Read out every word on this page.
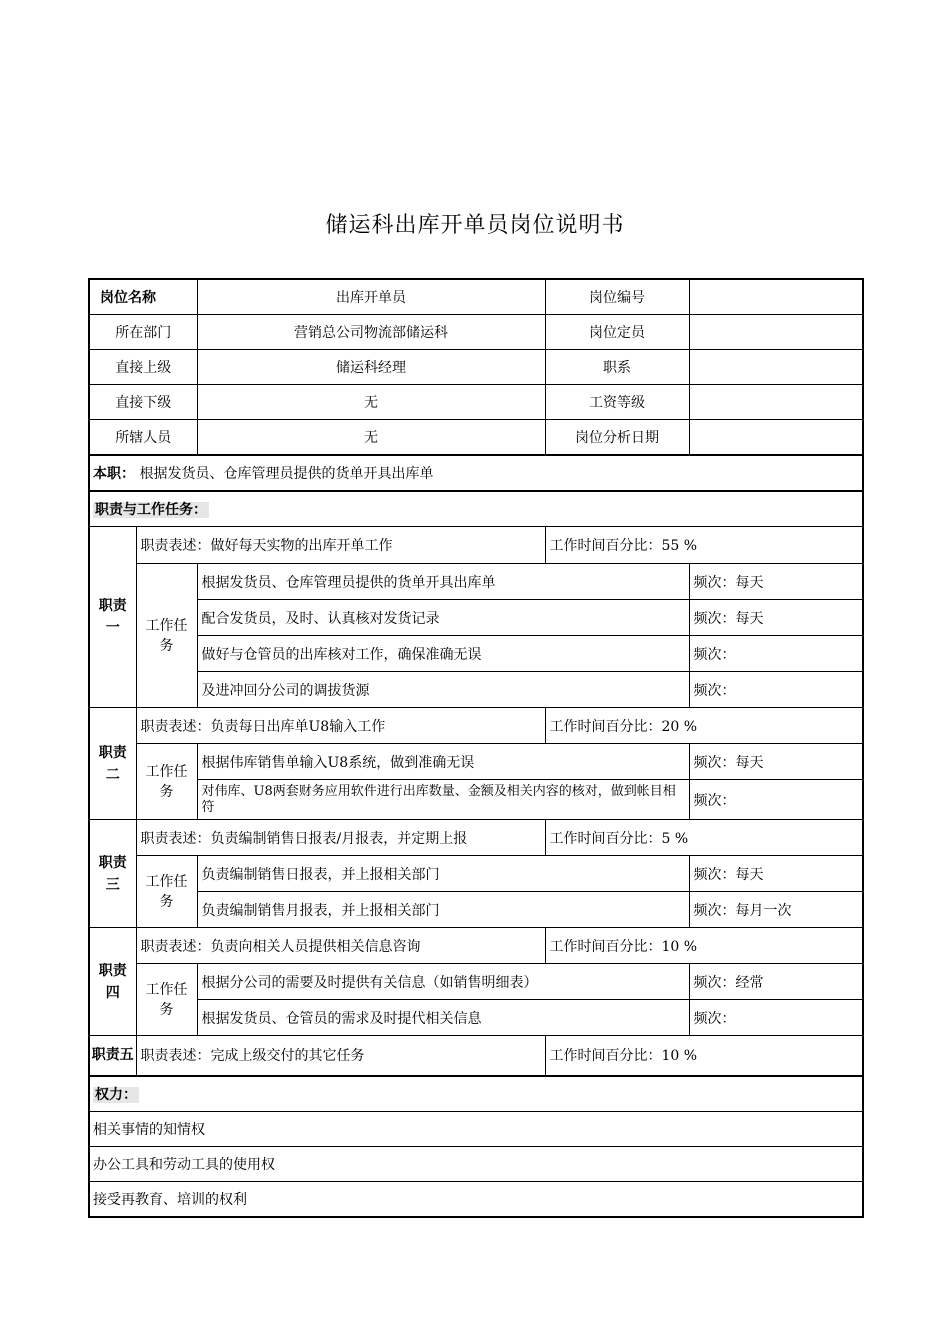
储运科出库开单员岗位说明书
岗位名称		出库开单员	岗位编号	
所在部门		营销总公司物流部储运科	岗位定员	
直接上级		储运科经理	职系	
直接下级		无	工资等级	
所辖人员		无	岗位分析日期	
本职： 根据发货员、仓库管理员提供的货单开具出库单				
职责与工作任务：				
职责一	职责表述：做好每天实物的出库开单工作		工作时间百分比：55 %	
	工作任务	根据发货员、仓库管理员提供的货单开具出库单		频次：每天
		配合发货员，及时、认真核对发货记录		频次：每天
		做好与仓管员的出库核对工作，确保准确无误		频次：
		及进冲回分公司的调拔货源		频次：
职责二	职责表述：负责每日出库单U8输入工作		工作时间百分比：20 %	
	工作任务	根据伟库销售单输入U8系统，做到准确无误		频次：每天
		对伟库、U8两套财务应用软件进行出库数量、金额及相关内容的核对，做到帐目相符		频次：
职责三	职责表述：负责编制销售日报表/月报表，并定期上报		工作时间百分比：5 %	
	工作任务	负责编制销售日报表，并上报相关部门		频次：每天
		负责编制销售月报表，并上报相关部门		频次：每月一次
职责四	职责表述：负责向相关人员提供相关信息咨询		工作时间百分比：10 %	
	工作任务	根据分公司的需要及时提供有关信息（如销售明细表）		频次：经常
		根据发货员、仓管员的需求及时提代相关信息		频次：
职责五	职责表述：完成上级交付的其它任务		工作时间百分比：10 %	
权力：				
相关事情的知情权				
办公工具和劳动工具的使用权				
接受再教育、培训的权利				
